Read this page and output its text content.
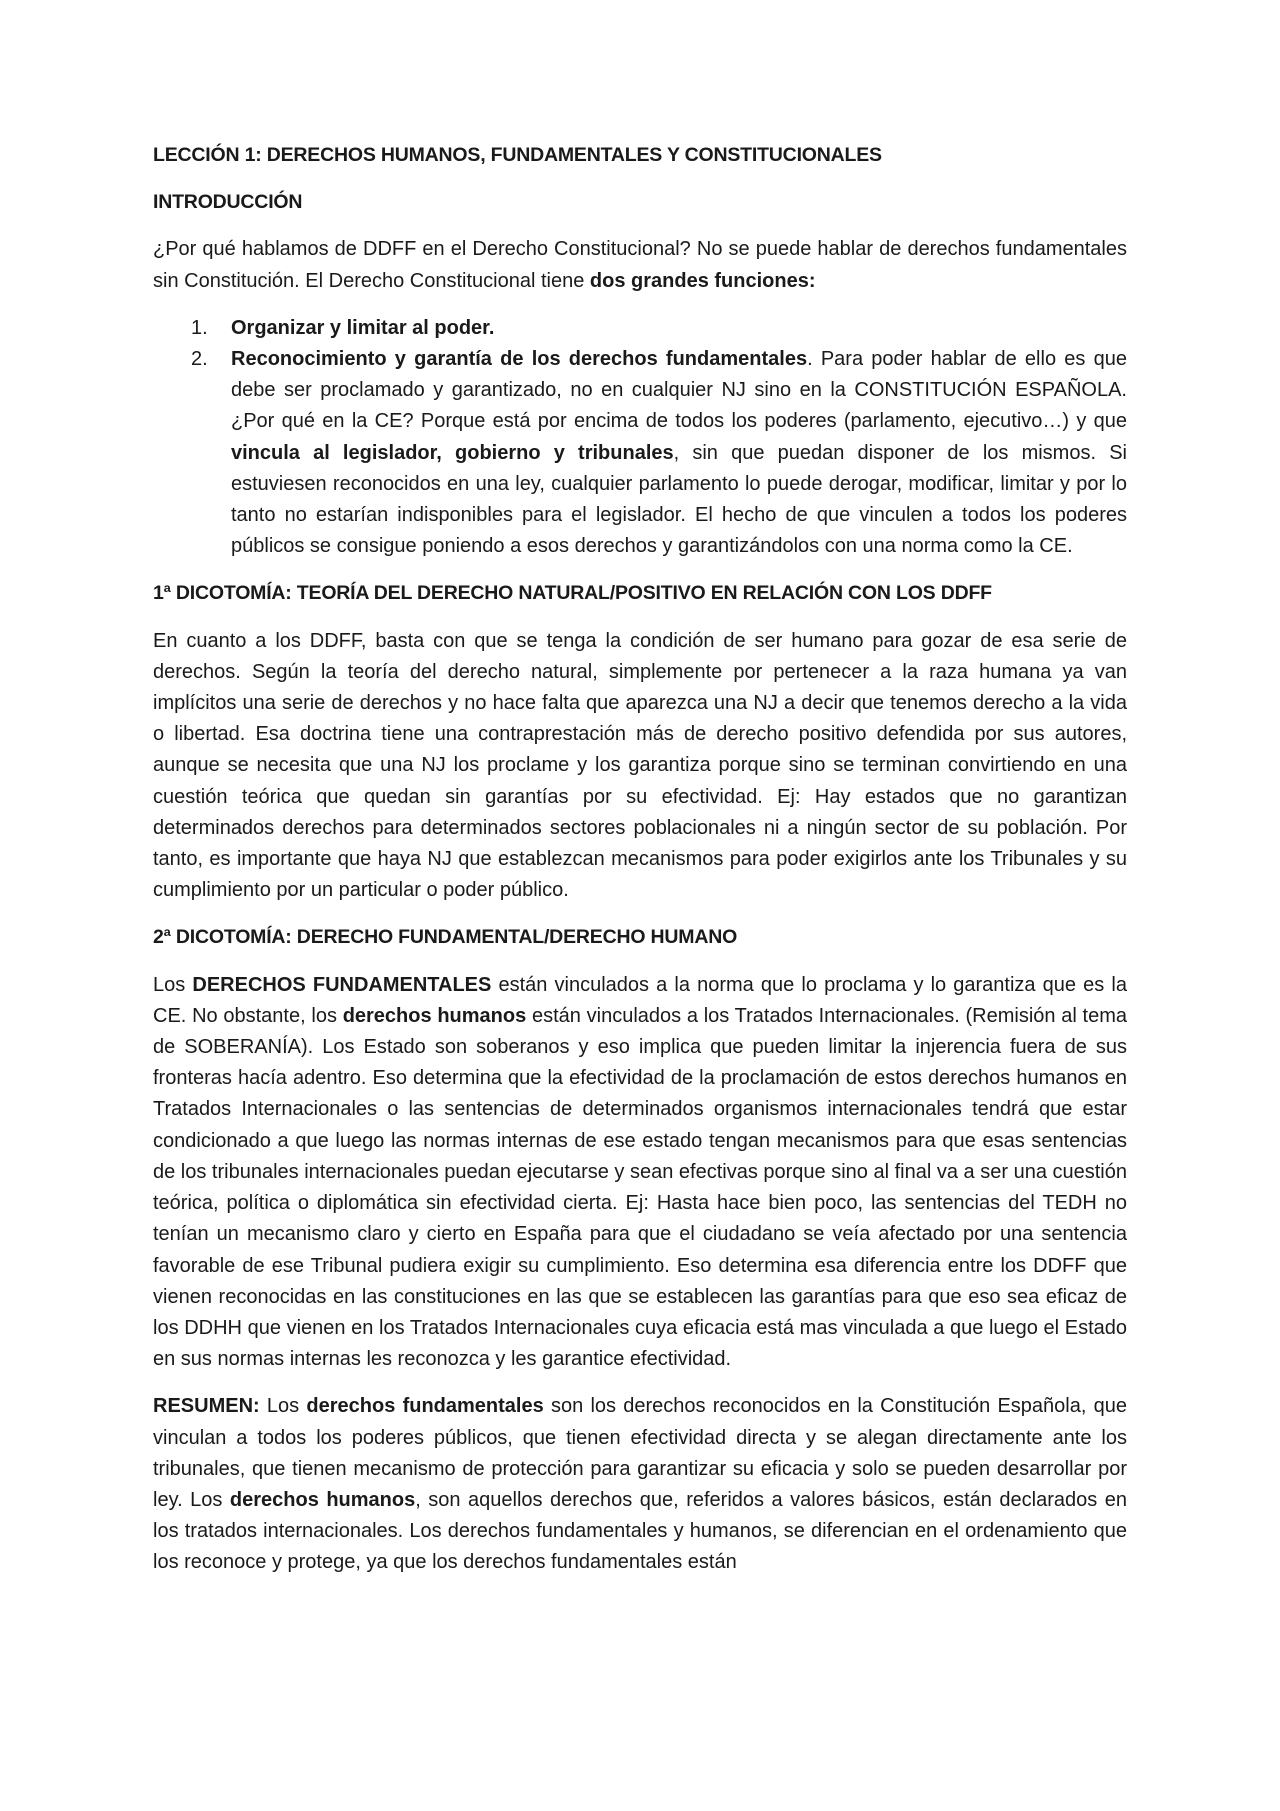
LECCIÓN 1: DERECHOS HUMANOS, FUNDAMENTALES Y CONSTITUCIONALES
INTRODUCCIÓN

¿Por qué hablamos de DDFF en el Derecho Constitucional? No se puede hablar de derechos fundamentales sin Constitución. El Derecho Constitucional tiene dos grandes funciones:

1. Organizar y limitar al poder.
2. Reconocimiento y garantía de los derechos fundamentales. Para poder hablar de ello es que debe ser proclamado y garantizado, no en cualquier NJ sino en la CONSTITUCIÓN ESPAÑOLA. ¿Por qué en la CE? Porque está por encima de todos los poderes (parlamento, ejecutivo…) y que vincula al legislador, gobierno y tribunales, sin que puedan disponer de los mismos. Si estuviesen reconocidos en una ley, cualquier parlamento lo puede derogar, modificar, limitar y por lo tanto no estarían indisponibles para el legislador. El hecho de que vinculen a todos los poderes públicos se consigue poniendo a esos derechos y garantizándolos con una norma como la CE.
1ª DICOTOMÍA: TEORÍA DEL DERECHO NATURAL/POSITIVO EN RELACIÓN CON LOS DDFF

En cuanto a los DDFF, basta con que se tenga la condición de ser humano para gozar de esa serie de derechos. Según la teoría del derecho natural, simplemente por pertenecer a la raza humana ya van implícitos una serie de derechos y no hace falta que aparezca una NJ a decir que tenemos derecho a la vida o libertad. Esa doctrina tiene una contraprestación más de derecho positivo defendida por sus autores, aunque se necesita que una NJ los proclame y los garantiza porque sino se terminan convirtiendo en una cuestión teórica que quedan sin garantías por su efectividad. Ej: Hay estados que no garantizan determinados derechos para determinados sectores poblacionales ni a ningún sector de su población. Por tanto, es importante que haya NJ que establezcan mecanismos para poder exigirlos ante los Tribunales y su cumplimiento por un particular o poder público.

2ª DICOTOMÍA: DERECHO FUNDAMENTAL/DERECHO HUMANO

Los DERECHOS FUNDAMENTALES están vinculados a la norma que lo proclama y lo garantiza que es la CE. No obstante, los derechos humanos están vinculados a los Tratados Internacionales. (Remisión al tema de SOBERANÍA). Los Estado son soberanos y eso implica que pueden limitar la injerencia fuera de sus fronteras hacía adentro. Eso determina que la efectividad de la proclamación de estos derechos humanos en Tratados Internacionales o las sentencias de determinados organismos internacionales tendrá que estar condicionado a que luego las normas internas de ese estado tengan mecanismos para que esas sentencias de los tribunales internacionales puedan ejecutarse y sean efectivas porque sino al final va a ser una cuestión teórica, política o diplomática sin efectividad cierta. Ej: Hasta hace bien poco, las sentencias del TEDH no tenían un mecanismo claro y cierto en España para que el ciudadano se veía afectado por una sentencia favorable de ese Tribunal pudiera exigir su cumplimiento. Eso determina esa diferencia entre los DDFF que vienen reconocidas en las constituciones en las que se establecen las garantías para que eso sea eficaz de los DDHH que vienen en los Tratados Internacionales cuya eficacia está mas vinculada a que luego el Estado en sus normas internas les reconozca y les garantice efectividad.

RESUMEN: Los derechos fundamentales son los derechos reconocidos en la Constitución Española, que vinculan a todos los poderes públicos, que tienen efectividad directa y se alegan directamente ante los tribunales, que tienen mecanismo de protección para garantizar su eficacia y solo se pueden desarrollar por ley. Los derechos humanos, son aquellos derechos que, referidos a valores básicos, están declarados en los tratados internacionales. Los derechos fundamentales y humanos, se diferencian en el ordenamiento que los reconoce y protege, ya que los derechos fundamentales están
